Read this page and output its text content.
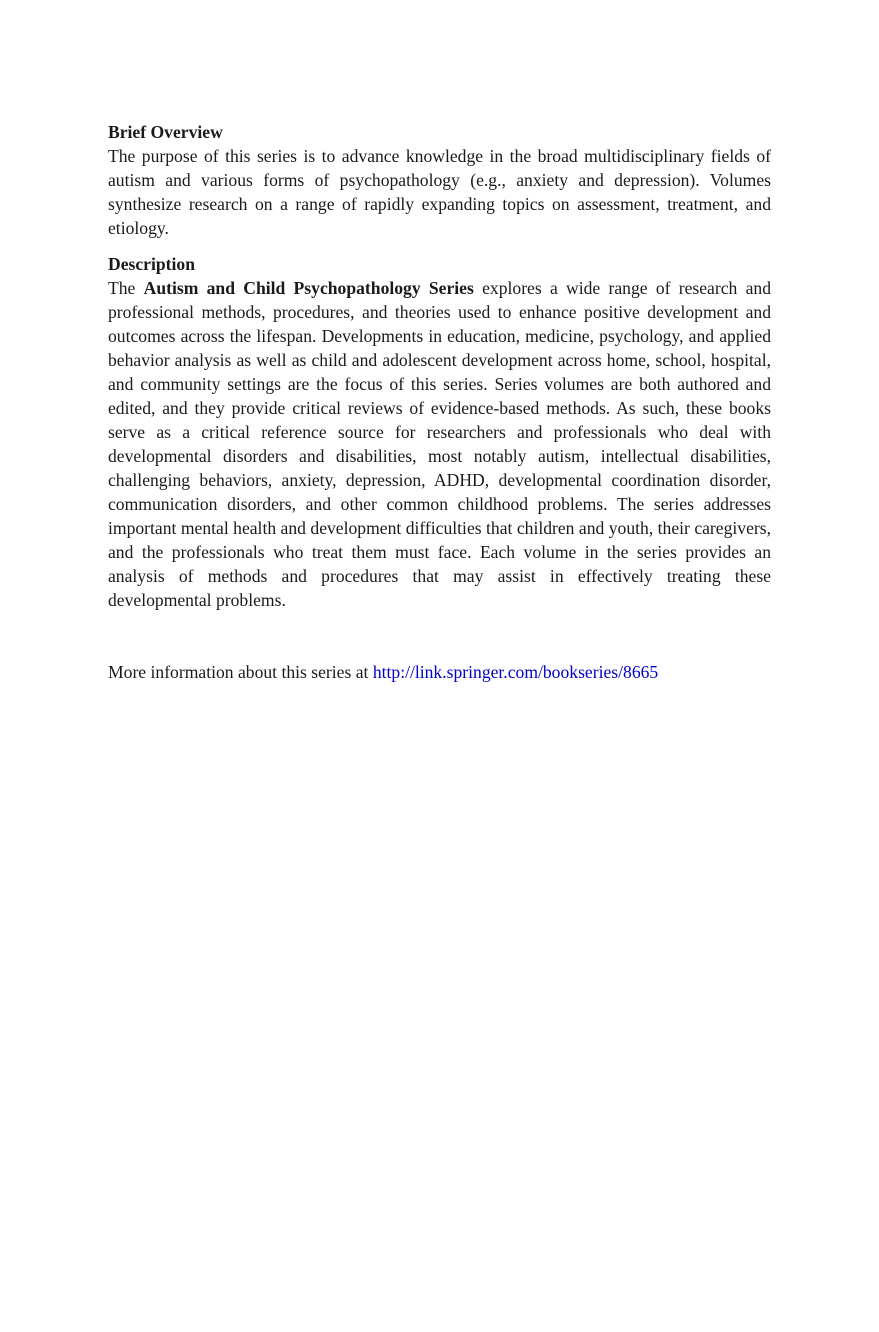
Brief Overview

The purpose of this series is to advance knowledge in the broad multidisciplinary fields of autism and various forms of psychopathology (e.g., anxiety and depression). Volumes synthesize research on a range of rapidly expanding topics on assessment, treatment, and etiology.

Description

The Autism and Child Psychopathology Series explores a wide range of research and professional methods, procedures, and theories used to enhance positive development and outcomes across the lifespan. Developments in education, medicine, psychology, and applied behavior analysis as well as child and adolescent development across home, school, hospital, and community settings are the focus of this series. Series volumes are both authored and edited, and they provide critical reviews of evidence-based methods. As such, these books serve as a critical reference source for researchers and professionals who deal with developmental disorders and disabilities, most notably autism, intellectual disabilities, challenging behaviors, anxiety, depression, ADHD, developmental coordination disorder, communication disorders, and other common childhood problems. The series addresses important mental health and development difficulties that children and youth, their caregivers, and the professionals who treat them must face. Each volume in the series provides an analysis of methods and procedures that may assist in effectively treating these developmental problems.

More information about this series at http://link.springer.com/bookseries/8665
